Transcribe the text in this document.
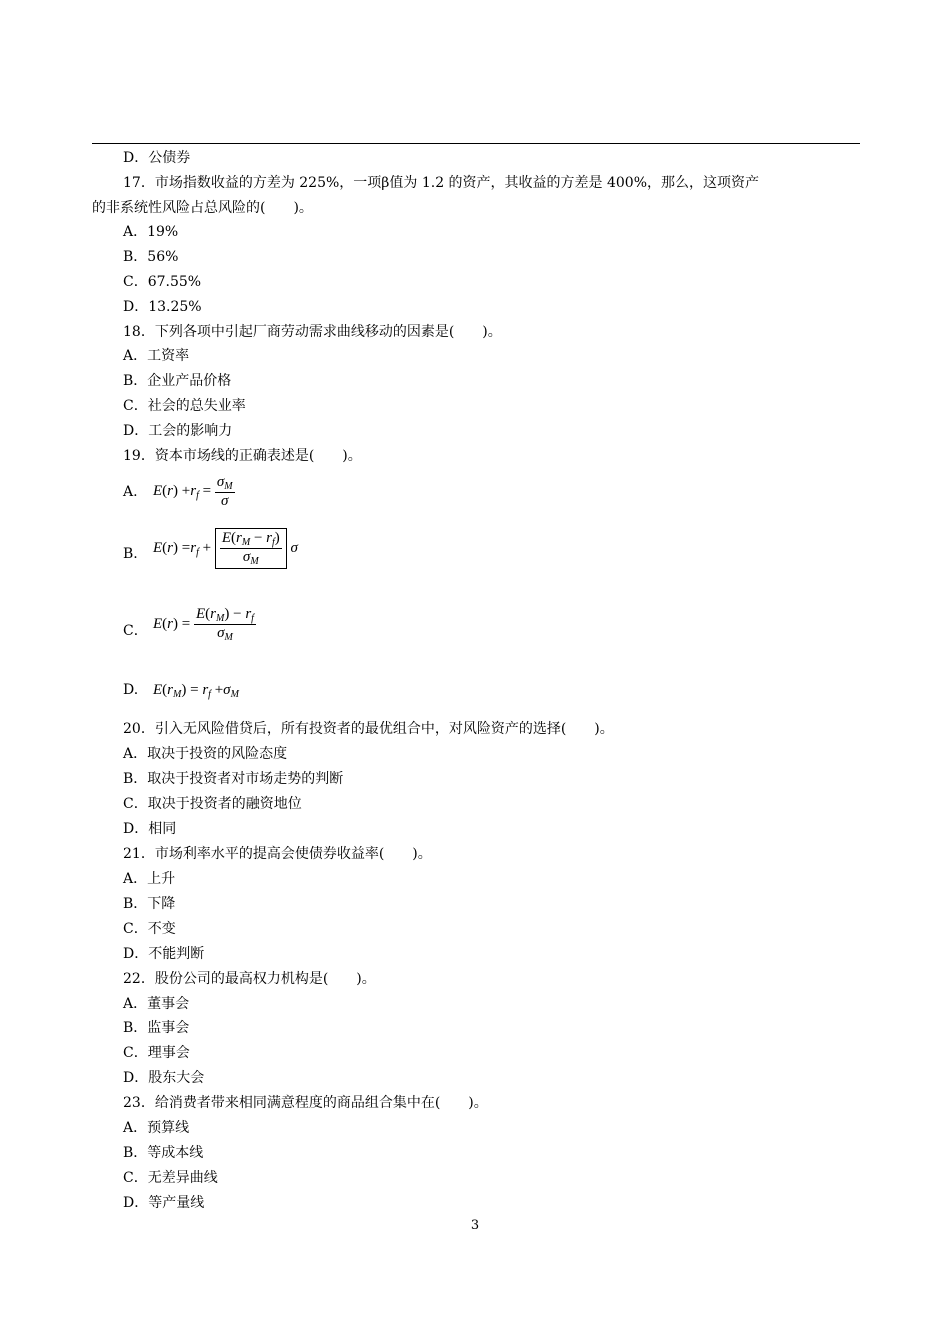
D．公债券
17．市场指数收益的方差为 225%，一项β值为 1.2 的资产，其收益的方差是 400%，那么，这项资产
的非系统性风险占总风险的(　　)。
A．19%
B．56%
C．67.55%
D．13.25%
18．下列各项中引起厂商劳动需求曲线移动的因素是(　　)。
A．工资率
B．企业产品价格
C．社会的总失业率
D．工会的影响力
19．资本市场线的正确表述是(　　)。
A. $E(r) +r_f = \frac{\sigma_M}{\sigma}$
B. $E(r) =r_f + \frac{E(r_M - r_f)}{\sigma_M}$ σ
C． $E(r) = \frac{E(r_M) - r_f}{\sigma_M}$
D. $E(r_M) = r_f +\sigma_M$
20．引入无风险借贷后，所有投资者的最优组合中，对风险资产的选择(　　)。
A．取决于投资的风险态度
B．取决于投资者对市场走势的判断
C．取决于投资者的融资地位
D．相同
21．市场利率水平的提高会使债券收益率(　　)。
A．上升
B．下降
C．不变
D．不能判断
22．股份公司的最高权力机构是(　　)。
A．董事会
B．监事会
C．理事会
D．股东大会
23．给消费者带来相同满意程度的商品组合集中在(　　)。
A．预算线
B．等成本线
C．无差异曲线
D．等产量线
3
